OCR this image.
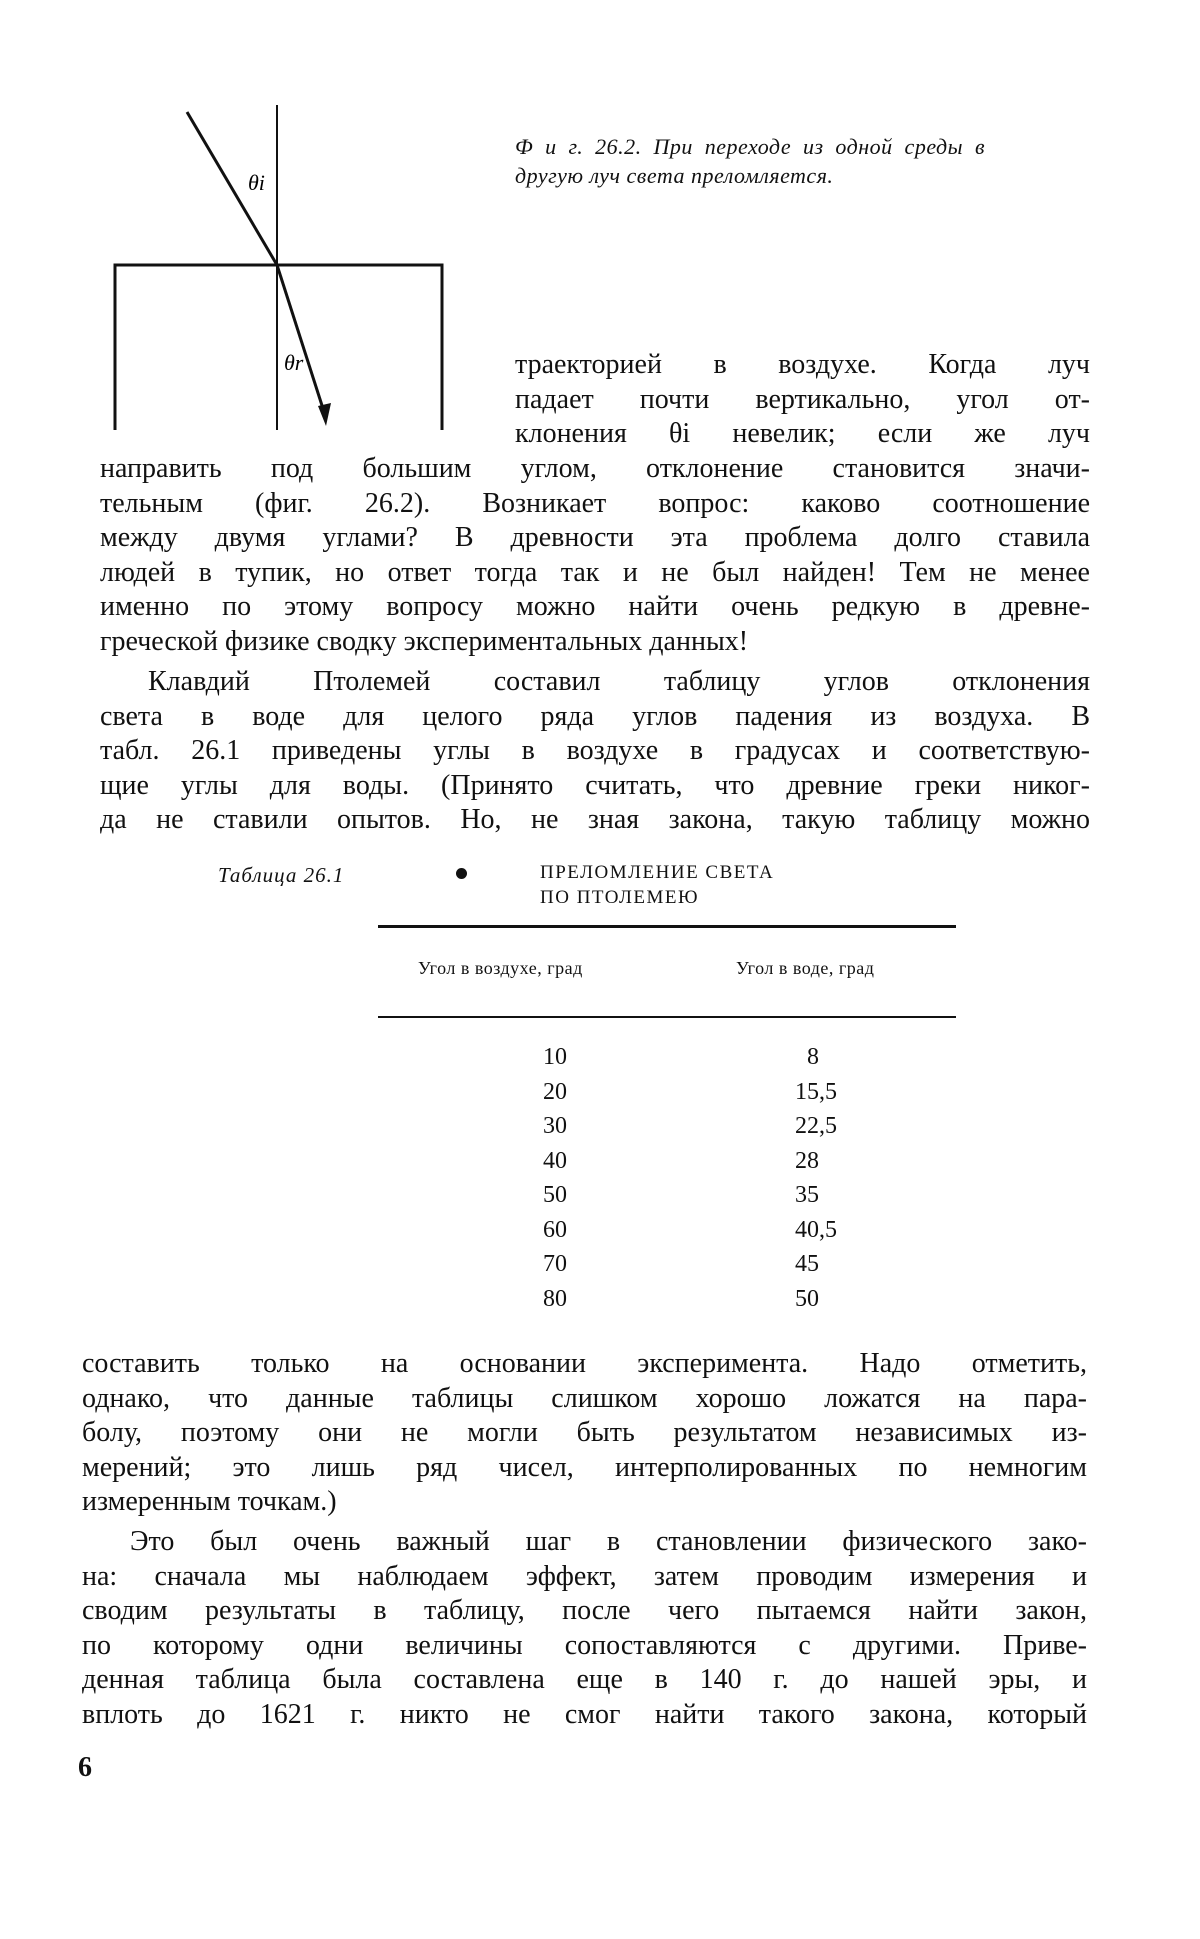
θi
θr
Ф и г. 26.2. При переходе из одной среды в другую луч света преломляется.
траекторией в воздухе. Когда луч
падает почти вертикально, угол от-
клонения θi невелик; если же луч
направить под большим углом, отклонение становится значи-
тельным (фиг. 26.2). Возникает вопрос: каково соотношение
между двумя углами? В древности эта проблема долго ставила
людей в тупик, но ответ тогда так и не был найден! Тем не менее
именно по этому вопросу можно найти очень редкую в древне-
греческой физике сводку экспериментальных данных!
Клавдий Птолемей составил таблицу углов отклонения
света в воде для целого ряда углов падения из воздуха. В
табл. 26.1 приведены углы в воздухе в градусах и соответствую-
щие углы для воды. (Принято считать, что древние греки никог-
да не ставили опытов. Но, не зная закона, такую таблицу можно
Таблица 26.1	ПРЕЛОМЛЕНИЕ СВЕТА
ПО ПТОЛЕМЕЮ
Угол в воздухе, град	Угол в воде, град
10
20
30
40
50
60
70
80
8
15,5
22,5
28
35
40,5
45
50
составить только на основании эксперимента. Надо отметить,
однако, что данные таблицы слишком хорошо ложатся на пара-
болу, поэтому они не могли быть результатом независимых из-
мерений; это лишь ряд чисел, интерполированных по немногим
измеренным точкам.)
Это был очень важный шаг в становлении физического зако-
на: сначала мы наблюдаем эффект, затем проводим измерения и
сводим результаты в таблицу, после чего пытаемся найти закон,
по которому одни величины сопоставляются с другими. Приве-
денная таблица была составлена еще в 140 г. до нашей эры, и
вплоть до 1621 г. никто не смог найти такого закона, который
6
